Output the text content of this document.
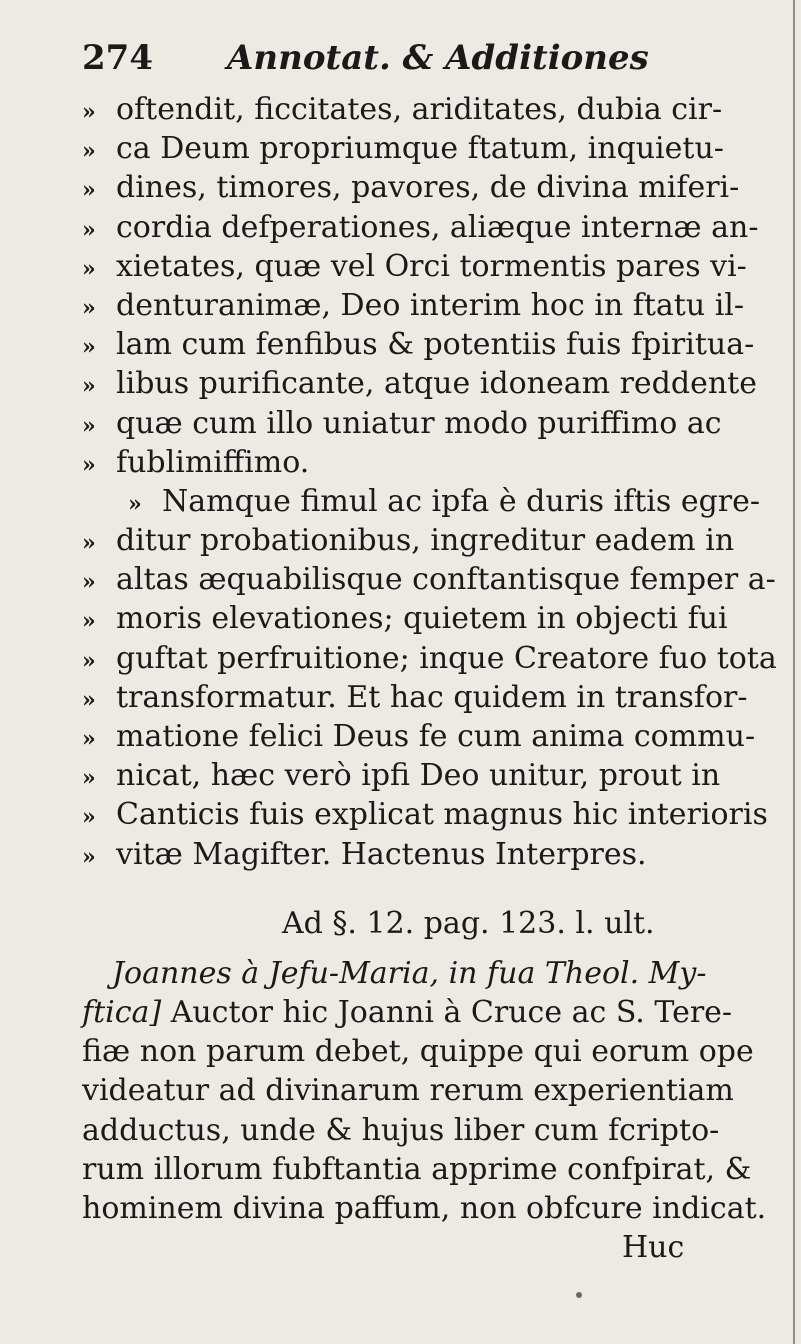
274 Annotat. & Additiones
» oftendit, ficcitates, ariditates, dubia cir-
» ca Deum propriumque ftatum, inquietu-
» dines, timores, pavores, de divina miferi-
» cordia defperationes, aliæque internæ an-
» xietates, quæ vel Orci tormentis pares vi-
» denturanimæ, Deo interim hoc in ftatu il-
» lam cum fenfibus & potentiis fuis fpiritua-
» libus purificante, atque idoneam reddente
» quæ cum illo uniatur modo puriffimo ac
» fublimiffimo.
» Namque fimul ac ipfa è duris iftis egre-
» ditur probationibus, ingreditur eadem in
» altas æquabilisque conftantisque femper a-
» moris elevationes; quietem in objecti fui
» guftat perfruitione; inque Creatore fuo tota
» transformatur. Et hac quidem in transfor-
» matione felici Deus fe cum anima commu-
» nicat, hæc verò ipfi Deo unitur, prout in
» Canticis fuis explicat magnus hic interioris
» vitæ Magifter. Hactenus Interpres.
Ad §. 12. pag. 123. l. ult.
Joannes à Jefu-Maria, in fua Theol. My-
ftica] Auctor hic Joanni à Cruce ac S. Tere-
fiæ non parum debet, quippe qui eorum ope
videatur ad divinarum rerum experientiam
adductus, unde & hujus liber cum fcripto-
rum illorum fubftantia apprime confpirat, &
hominem divina paffum, non obfcure indicat.
Huc
